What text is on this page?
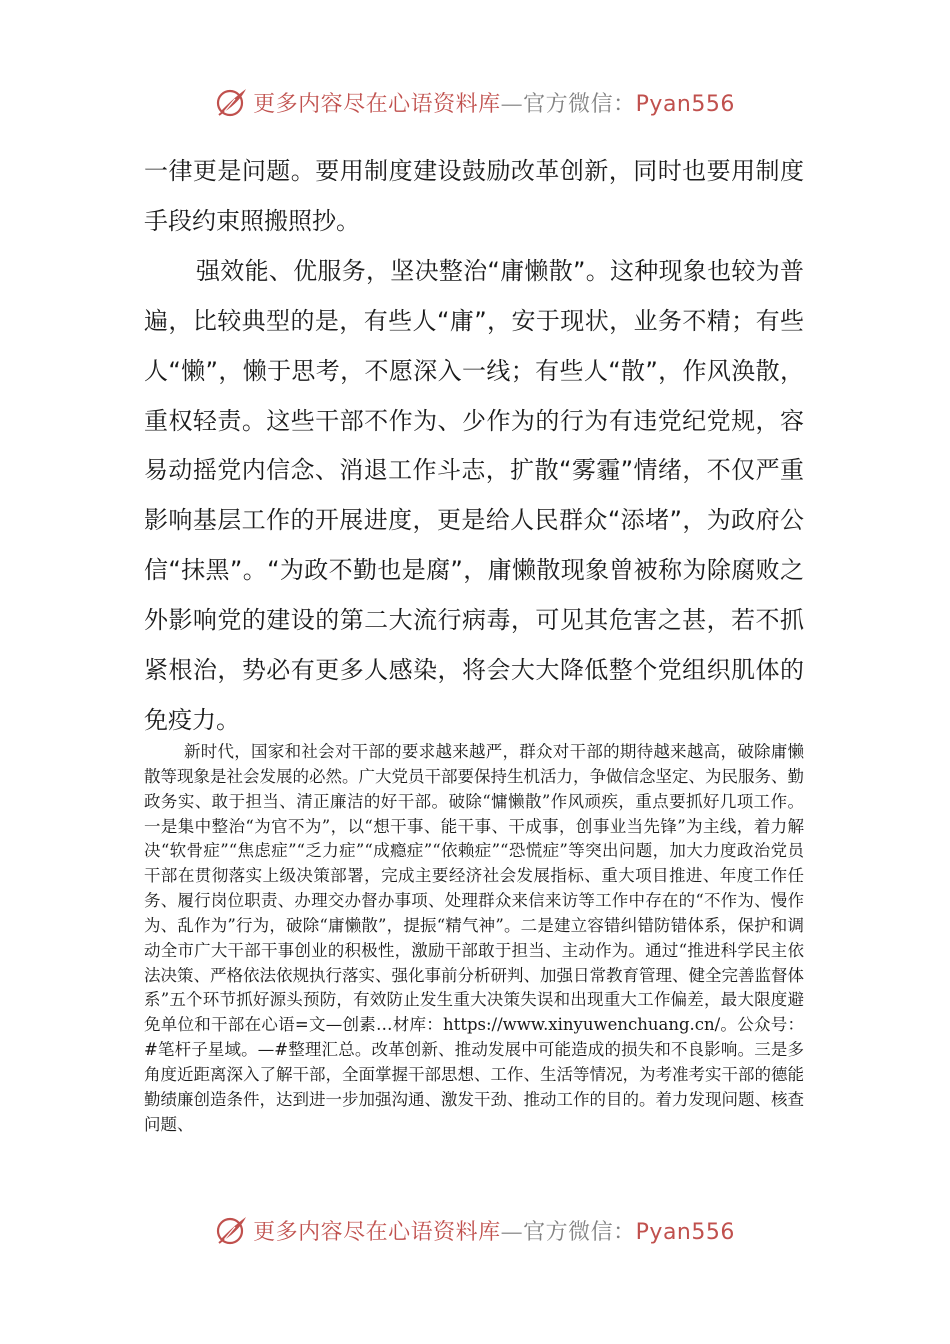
更多内容尽在心语资料库—官方微信：Pyan556

一律更是问题。要用制度建设鼓励改革创新，同时也要用制度手段约束照搬照抄。

强效能、优服务，坚决整治“庸懒散”。这种现象也较为普遍，比较典型的是，有些人“庸”，安于现状，业务不精；有些人“懒”，懒于思考，不愿深入一线；有些人“散”，作风涣散，重权轻责。这些干部不作为、少作为的行为有违党纪党规，容易动摇党内信念、消退工作斗志，扩散“雾霾”情绪，不仅严重影响基层工作的开展进度，更是给人民群众“添堵”，为政府公信“抹黑”。“为政不勤也是腐”，庸懒散现象曾被称为除腐败之外影响党的建设的第二大流行病毒，可见其危害之甚，若不抓紧根治，势必有更多人感染，将会大大降低整个党组织肌体的免疫力。

新时代，国家和社会对干部的要求越来越严，群众对干部的期待越来越高，破除庸懒散等现象是社会发展的必然。广大党员干部要保持生机活力，争做信念坚定、为民服务、勤政务实、敢于担当、清正廉洁的好干部。破除“慵懒散”作风顽疾，重点要抓好几项工作。一是集中整治“为官不为”，以“想干事、能干事、干成事，创事业当先锋”为主线，着力解决“软骨症”“焦虑症”“乏力症”“成瘾症”“依赖症”“恐慌症”等突出问题，加大力度政治党员干部在贯彻落实上级决策部署，完成主要经济社会发展指标、重大项目推进、年度工作任务、履行岗位职责、办理交办督办事项、处理群众来信来访等工作中存在的“不作为、慢作为、乱作为”行为，破除“庸懒散”，提振“精气神”。二是建立容错纠错防错体系，保护和调动全市广大干部干事创业的积极性，激励干部敢于担当、主动作为。通过“推进科学民主依法决策、严格依法依规执行落实、强化事前分析研判、加强日常教育管理、健全完善监督体系”五个环节抓好源头预防，有效防止发生重大决策失误和出现重大工作偏差，最大限度避免单位和干部在心语=文—创素…材库：https://www.xinyuwenchuang.cn/。公众号：#笔杆子星域。—#整理汇总。改革创新、推动发展中可能造成的损失和不良影响。三是多角度近距离深入了解干部，全面掌握干部思想、工作、生活等情况，为考准考实干部的德能勤绩廉创造条件，达到进一步加强沟通、激发干劲、推动工作的目的。着力发现问题、核查问题、

更多内容尽在心语资料库—官方微信：Pyan556
